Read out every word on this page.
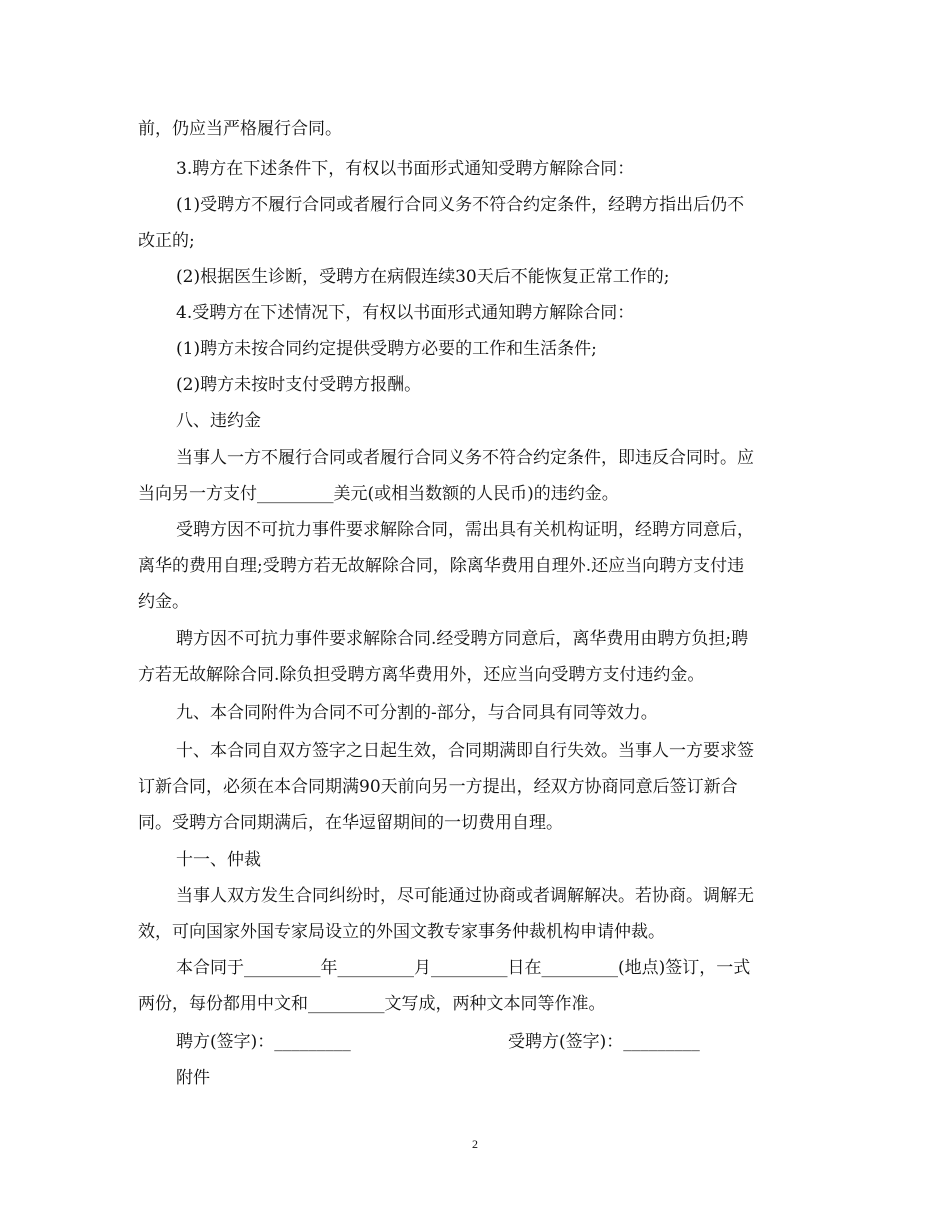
前，仍应当严格履行合同。
3.聘方在下述条件下，有权以书面形式通知受聘方解除合同：
(1)受聘方不履行合同或者履行合同义务不符合约定条件，经聘方指出后仍不
改正的;
(2)根据医生诊断，受聘方在病假连续30天后不能恢复正常工作的;
4.受聘方在下述情况下，有权以书面形式通知聘方解除合同：
(1)聘方未按合同约定提供受聘方必要的工作和生活条件;
(2)聘方未按时支付受聘方报酬。
八、违约金
当事人一方不履行合同或者履行合同义务不符合约定条件，即违反合同时。应
当向另一方支付_________美元(或相当数额的人民币)的违约金。
受聘方因不可抗力事件要求解除合同，需出具有关机构证明，经聘方同意后，
离华的费用自理;受聘方若无故解除合同，除离华费用自理外.还应当向聘方支付违
约金。
聘方因不可抗力事件要求解除合同.经受聘方同意后，离华费用由聘方负担;聘
方若无故解除合同.除负担受聘方离华费用外，还应当向受聘方支付违约金。
九、本合同附件为合同不可分割的-部分，与合同具有同等效力。
十、本合同自双方签字之日起生效，合同期满即自行失效。当事人一方要求签
订新合同，必须在本合同期满90天前向另一方提出，经双方协商同意后签订新合
同。受聘方合同期满后，在华逗留期间的一切费用自理。
十一、仲裁
当事人双方发生合同纠纷时，尽可能通过协商或者调解解决。若协商。调解无
效，可向国家外国专家局设立的外国文教专家事务仲裁机构申请仲裁。
本合同于_________年_________月_________日在_________(地点)签订，一式
两份，每份都用中文和_________文写成，两种文本同等作准。
聘方(签字)：_________	受聘方(签字)：_________
附件
2
